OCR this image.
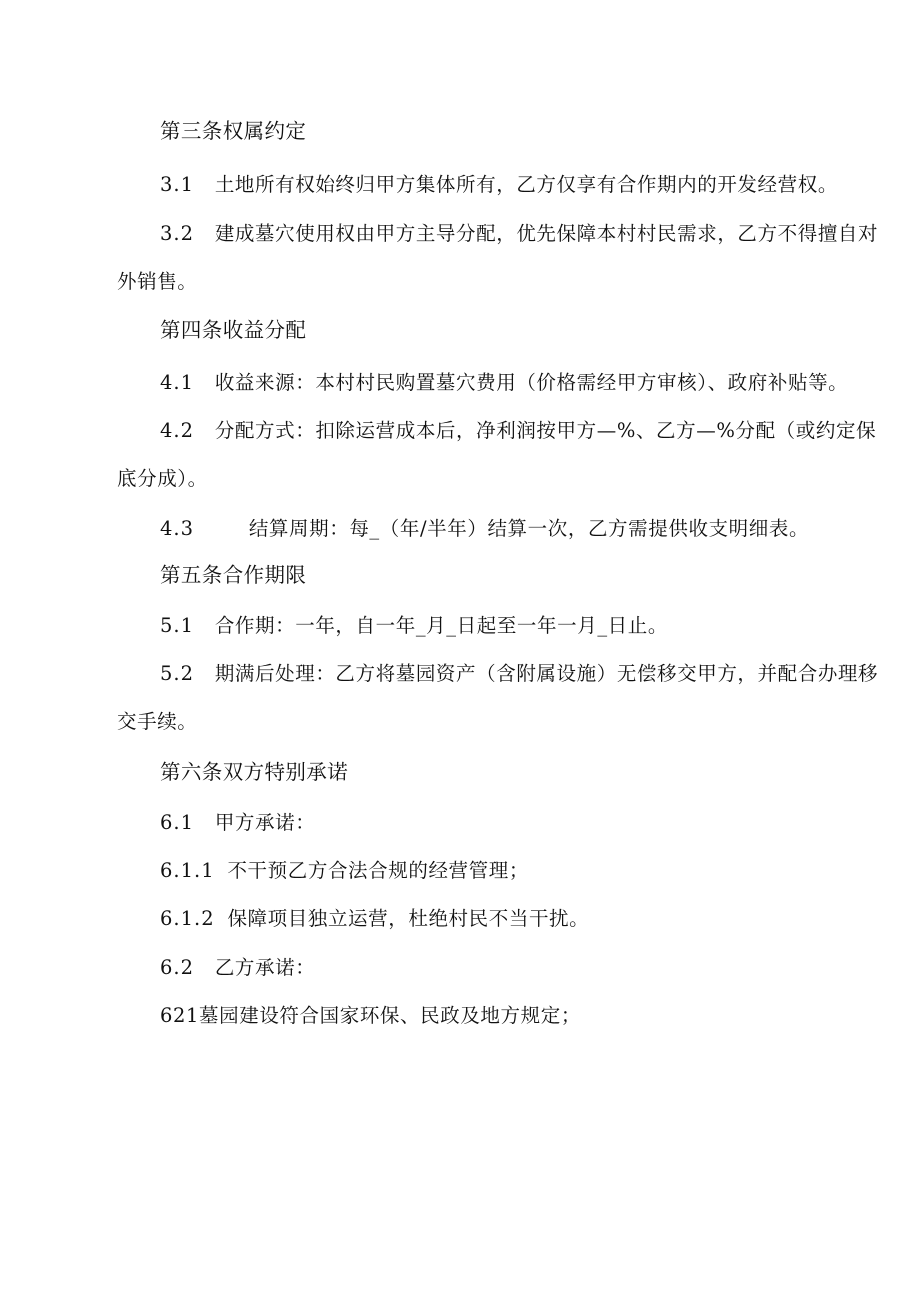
第三条权属约定
3.1 土地所有权始终归甲方集体所有，乙方仅享有合作期内的开发经营权。
3.2 建成墓穴使用权由甲方主导分配，优先保障本村村民需求，乙方不得擅自对
外销售。
第四条收益分配
4.1 收益来源：本村村民购置墓穴费用（价格需经甲方审核）、政府补贴等。
4.2 分配方式：扣除运营成本后，净利润按甲方—%、乙方—%分配（或约定保
底分成）。
4.3	结算周期：每_（年/半年）结算一次，乙方需提供收支明细表。
第五条合作期限
5.1 合作期：一年，自一年_月_日起至一年一月_日止。
5.2 期满后处理：乙方将墓园资产（含附属设施）无偿移交甲方，并配合办理移
交手续。
第六条双方特别承诺
6.1 甲方承诺：
6.1.1 不干预乙方合法合规的经营管理；
6.1.2 保障项目独立运营，杜绝村民不当干扰。
6.2 乙方承诺：
621墓园建设符合国家环保、民政及地方规定；
